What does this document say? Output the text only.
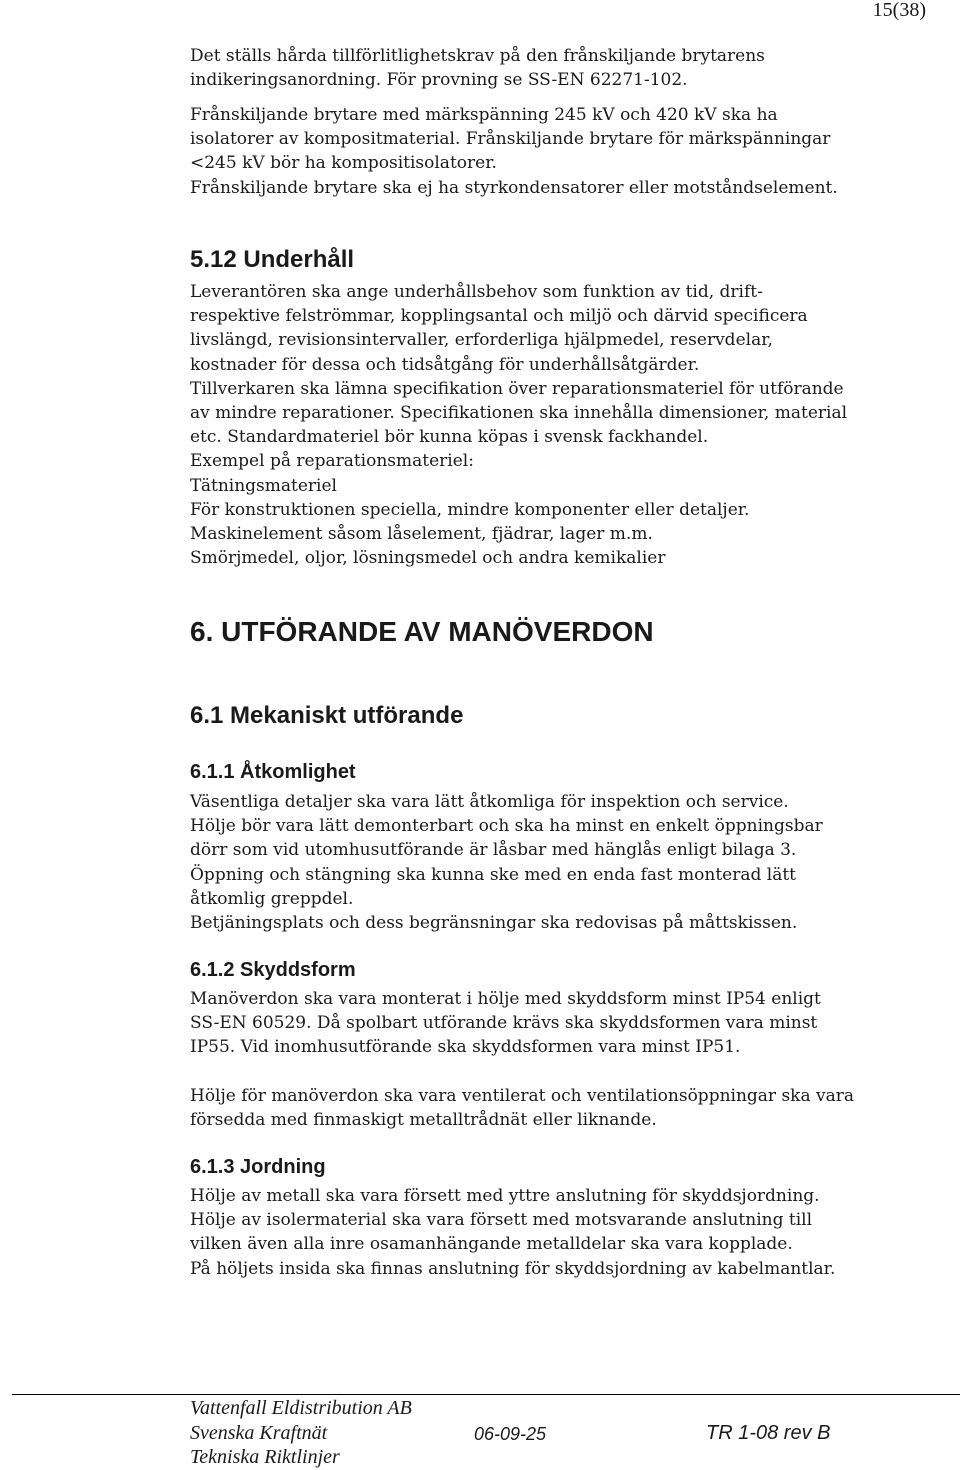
15(38)
Det ställs hårda tillförlitlighetskrav på den frånskiljande brytarens
indikeringsanordning. För provning se SS-EN 62271-102.
Frånskiljande brytare med märkspänning 245 kV och 420 kV ska ha
isolatorer av kompositmaterial. Frånskiljande brytare för märkspänningar
<245 kV bör ha kompositisolatorer.
Frånskiljande brytare ska ej ha styrkondensatorer eller motståndselement.
5.12 Underhåll
Leverantören ska ange underhållsbehov som funktion av tid, drift-
respektive felströmmar, kopplingsantal och miljö och därvid specificera
livslängd, revisionsintervaller, erforderliga hjälpmedel, reservdelar,
kostnader för dessa och tidsåtgång för underhållsåtgärder.
Tillverkaren ska lämna specifikation över reparationsmateriel för utförande
av mindre reparationer. Specifikationen ska innehålla dimensioner, material
etc. Standardmateriel bör kunna köpas i svensk fackhandel.
Exempel på reparationsmateriel:
Tätningsmateriel
För konstruktionen speciella, mindre komponenter eller detaljer.
Maskinelement såsom låselement, fjädrar, lager m.m.
Smörjmedel, oljor, lösningsmedel och andra kemikalier
6. UTFÖRANDE AV MANÖVERDON
6.1 Mekaniskt utförande
6.1.1 Åtkomlighet
Väsentliga detaljer ska vara lätt åtkomliga för inspektion och service.
Hölje bör vara lätt demonterbart och ska ha minst en enkelt öppningsbar
dörr som vid utomhusutförande är låsbar med hänglås enligt bilaga 3.
Öppning och stängning ska kunna ske med en enda fast monterad lätt
åtkomlig greppdel.
Betjäningsplats och dess begränsningar ska redovisas på måttskissen.
6.1.2 Skyddsform
Manöverdon ska vara monterat i hölje med skyddsform minst IP54 enligt
SS-EN 60529. Då spolbart utförande krävs ska skyddsformen vara minst
IP55. Vid inomhusutförande ska skyddsformen vara minst IP51.
Hölje för manöverdon ska vara ventilerat och ventilationsöppningar ska vara
försedda med finmaskigt metalltrådnät eller liknande.
6.1.3 Jordning
Hölje av metall ska vara försett med yttre anslutning för skyddsjordning.
Hölje av isolermaterial ska vara försett med motsvarande anslutning till
vilken även alla inre osamanhängande metalldelar ska vara kopplade.
På höljets insida ska finnas anslutning för skyddsjordning av kabelmantlar.
Vattenfall Eldistribution AB
Svenska Kraftnät	06-09-25	TR 1-08 rev B
Tekniska Riktlinjer
